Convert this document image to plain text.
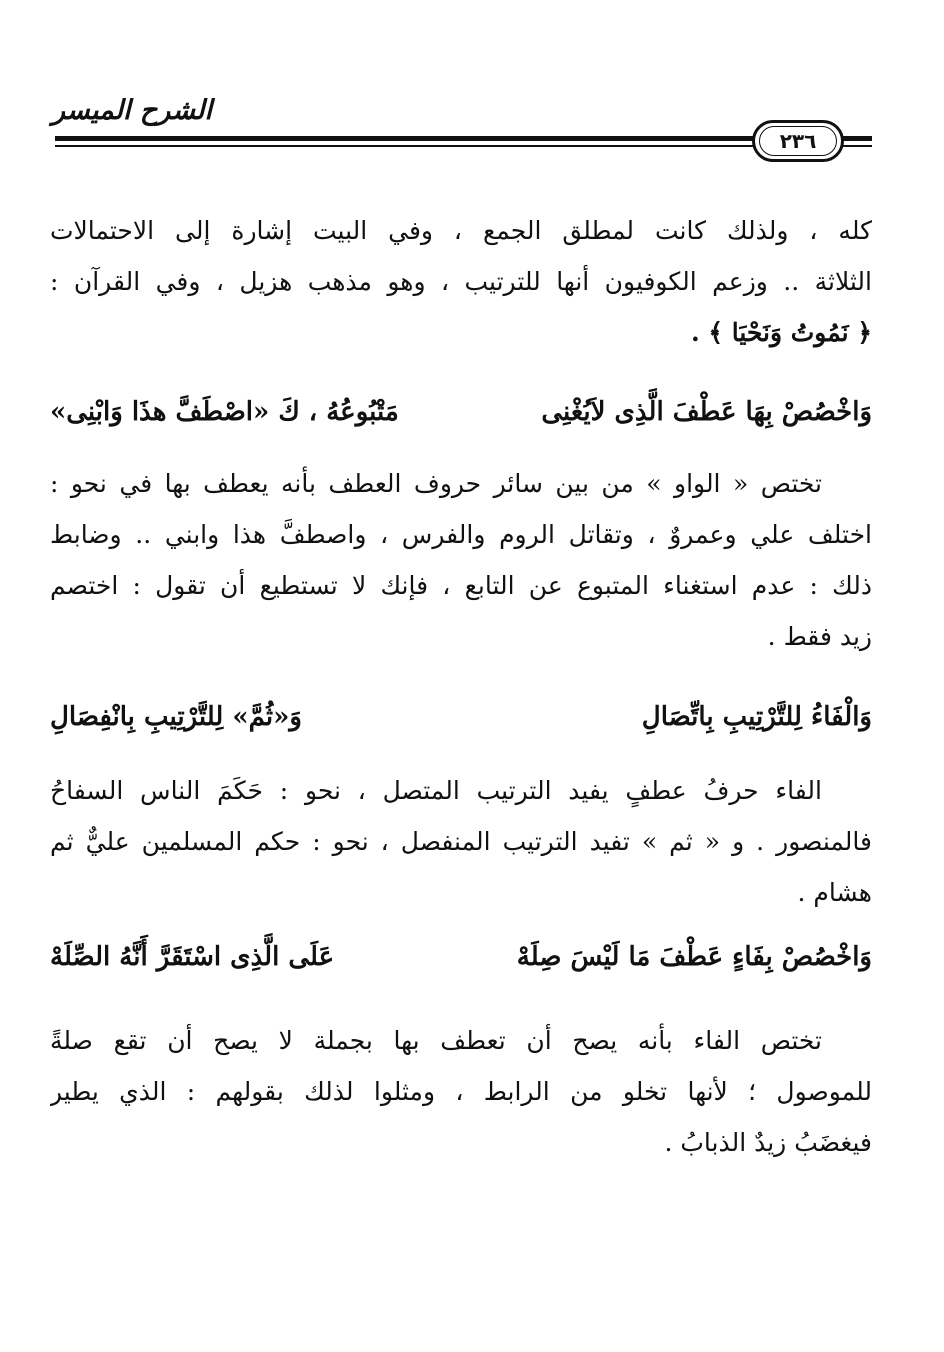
الشرح الميسر
٢٣٦
كله ، ولذلك كانت لمطلق الجمع ، وفي البيت إشارة إلى الاحتمالات
الثلاثة .. وزعم الكوفيون أنها للترتيب ، وهو مذهب هزيل ، وفي القرآن :
﴿ نَمُوتُ وَنَحْيَا ﴾ .
وَاخْصُصْ بِهَا عَطْفَ الَّذِى لاَيُغْنِى
مَتْبُوعُهُ ، كَ «اصْطَفَّ هذَا وَابْنِى»
تختص « الواو » من بين سائر حروف العطف بأنه يعطف بها في نحو :
اختلف علي وعمروٌ ، وتقاتل الروم والفرس ، واصطفَّ هذا وابني .. وضابط
ذلك : عدم استغناء المتبوع عن التابع ، فإنك لا تستطيع أن تقول : اختصم
زيد فقط .
وَالْفَاءُ لِلتَّرْتِيبِ بِاتِّصَالِ
وَ«ثُمَّ» لِلتَّرْتِيبِ بِانْفِصَالِ
الفاء حرفُ عطفٍ يفيد الترتيب المتصل ، نحو : حَكَمَ الناس السفاحُ
فالمنصور . و « ثم » تفيد الترتيب المنفصل ، نحو : حكم المسلمين عليٌّ ثم
هشام .
وَاخْصُصْ بِفَاءٍ عَطْفَ مَا لَيْسَ صِلَهْ
عَلَى الَّذِى اسْتَقَرَّ أَنَّهُ الصِّلَهْ
تختص الفاء بأنه يصح أن تعطف بها بجملة لا يصح أن تقع صلةً
للموصول ؛ لأنها تخلو من الرابط ، ومثلوا لذلك بقولهم : الذي يطير
فيغضَبُ زيدٌ الذبابُ .
